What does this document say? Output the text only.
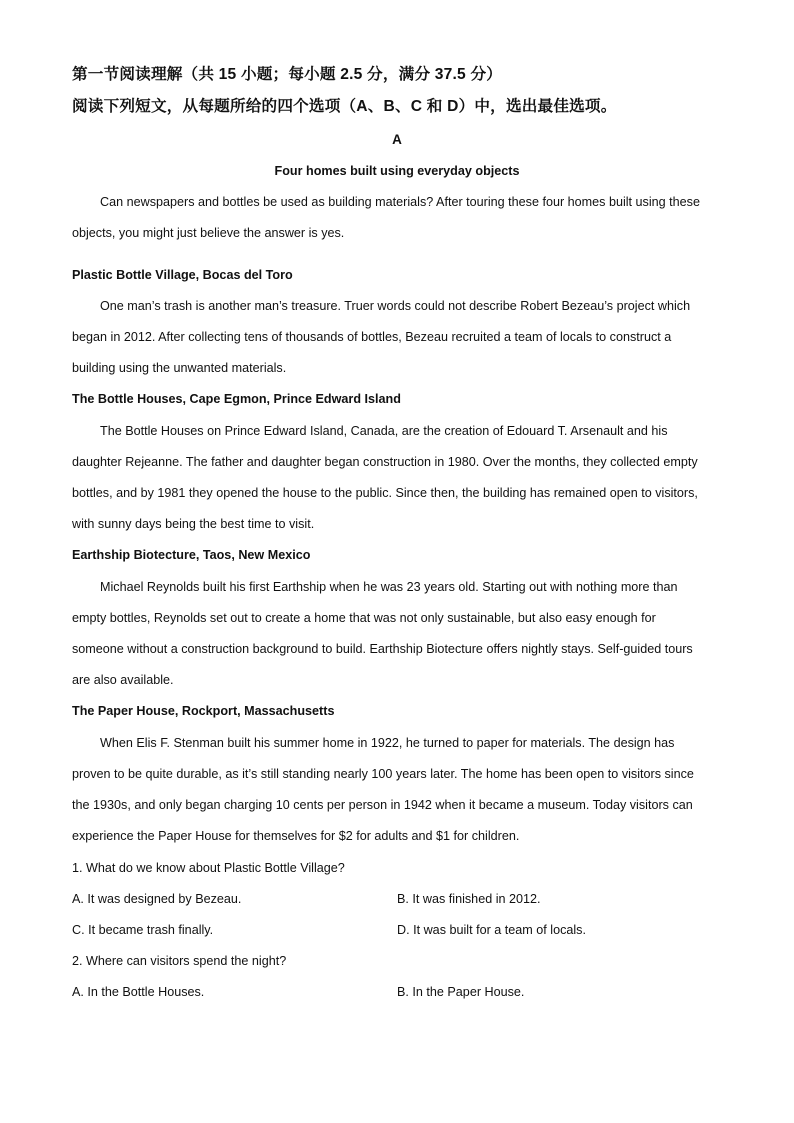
第一节阅读理解（共 15 小题；每小题 2.5 分，满分 37.5 分）
阅读下列短文，从每题所给的四个选项（A、B、C 和 D）中，选出最佳选项。
A
Four homes built using everyday objects
Can newspapers and bottles be used as building materials? After touring these four homes built using these
objects, you might just believe the answer is yes.
Plastic Bottle Village, Bocas del Toro
One man’s trash is another man’s treasure. Truer words could not describe Robert Bezeau’s project which
began in 2012. After collecting tens of thousands of bottles, Bezeau recruited a team of locals to construct a
building using the unwanted materials.
The Bottle Houses, Cape Egmon, Prince Edward Island
The Bottle Houses on Prince Edward Island, Canada, are the creation of Edouard T. Arsenault and his
daughter Rejeanne. The father and daughter began construction in 1980. Over the months, they collected empty
bottles, and by 1981 they opened the house to the public. Since then, the building has remained open to visitors,
with sunny days being the best time to visit.
Earthship Biotecture, Taos, New Mexico
Michael Reynolds built his first Earthship when he was 23 years old. Starting out with nothing more than
empty bottles, Reynolds set out to create a home that was not only sustainable, but also easy enough for
someone without a construction background to build. Earthship Biotecture offers nightly stays. Self-guided tours
are also available.
The Paper House, Rockport, Massachusetts
When Elis F. Stenman built his summer home in 1922, he turned to paper for materials. The design has
proven to be quite durable, as it’s still standing nearly 100 years later. The home has been open to visitors since
the 1930s, and only began charging 10 cents per person in 1942 when it became a museum. Today visitors can
experience the Paper House for themselves for $2 for adults and $1 for children.
1. What do we know about Plastic Bottle Village?
A. It was designed by Bezeau.	B. It was finished in 2012.
C. It became trash finally.	D. It was built for a team of locals.
2. Where can visitors spend the night?
A. In the Bottle Houses.	B. In the Paper House.
